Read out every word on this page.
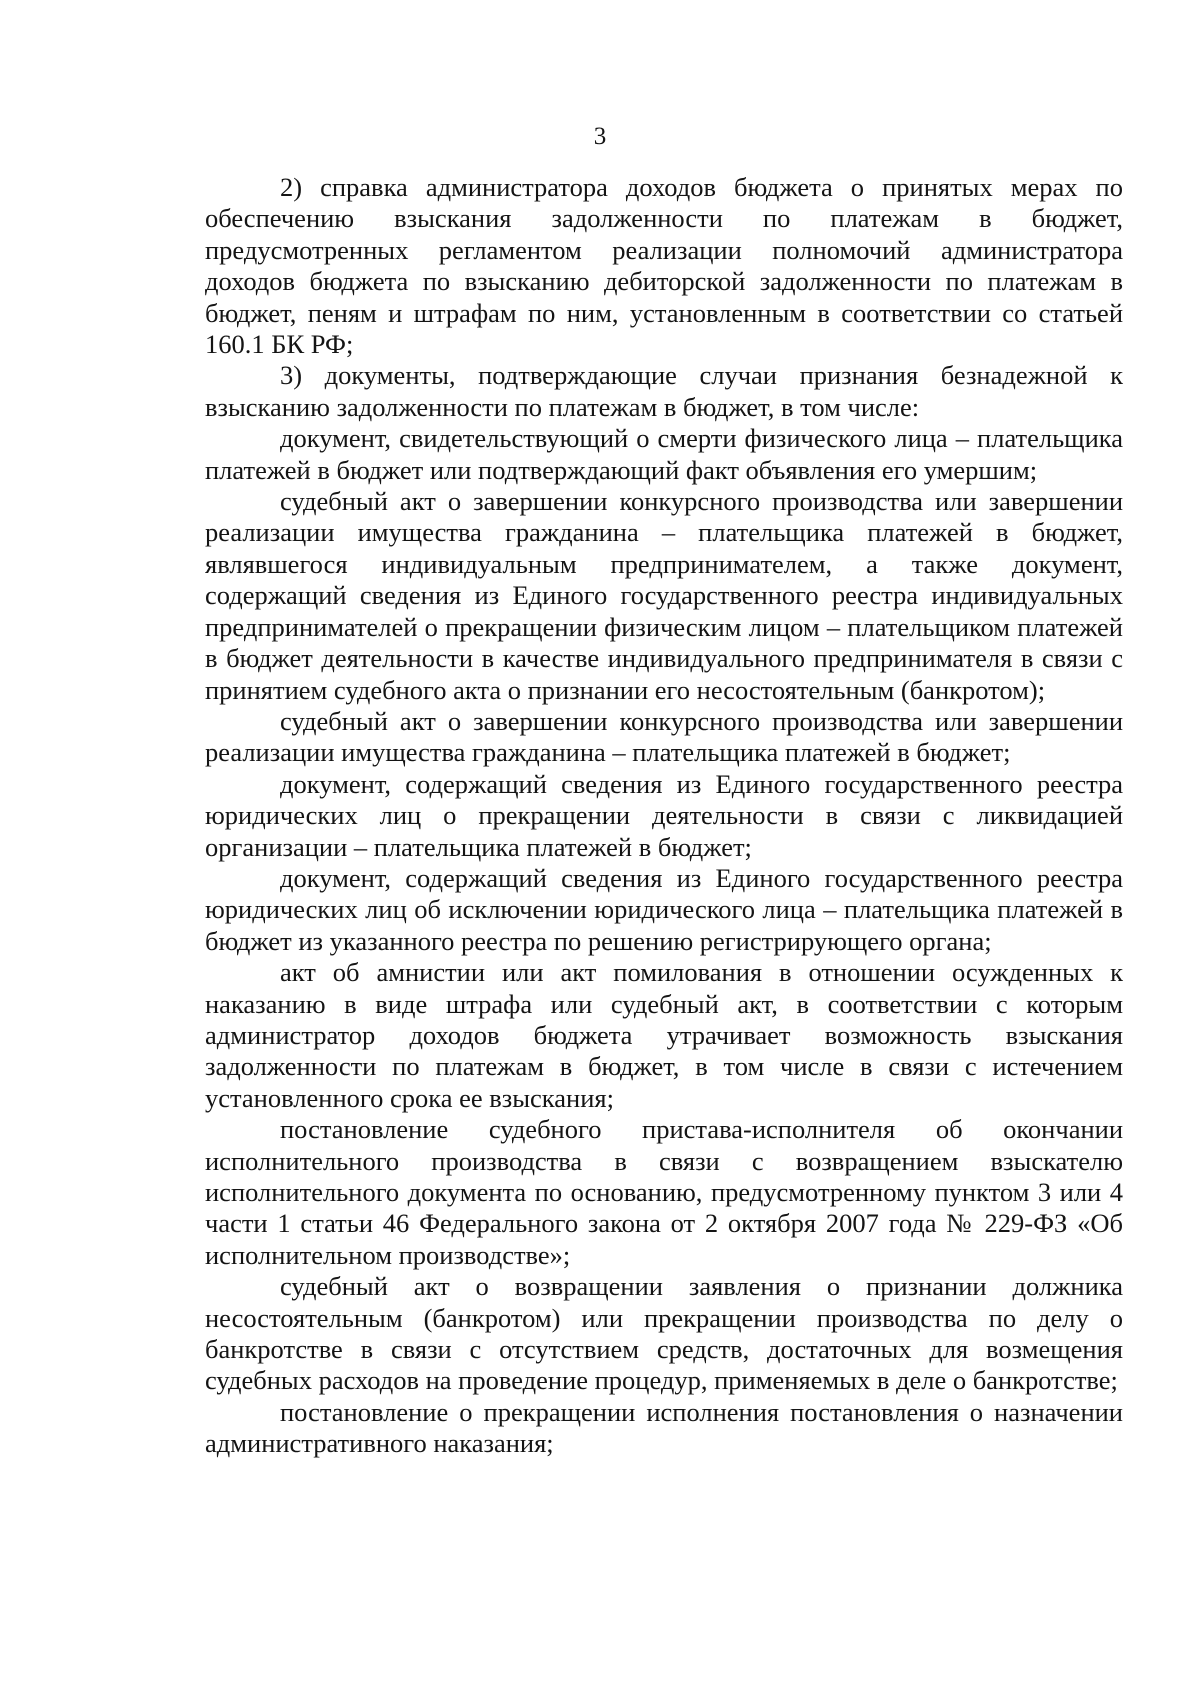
3

2) справка администратора доходов бюджета о принятых мерах по обеспечению взыскания задолженности по платежам в бюджет, предусмотренных регламентом реализации полномочий администратора доходов бюджета по взысканию дебиторской задолженности по платежам в бюджет, пеням и штрафам по ним, установленным в соответствии со статьей 160.1 БК РФ;

3) документы, подтверждающие случаи признания безнадежной к взысканию задолженности по платежам в бюджет, в том числе:

документ, свидетельствующий о смерти физического лица – плательщика платежей в бюджет или подтверждающий факт объявления его умершим;

судебный акт о завершении конкурсного производства или завершении реализации имущества гражданина – плательщика платежей в бюджет, являвшегося индивидуальным предпринимателем, а также документ, содержащий сведения из Единого государственного реестра индивидуальных предпринимателей о прекращении физическим лицом – плательщиком платежей в бюджет деятельности в качестве индивидуального предпринимателя в связи с принятием судебного акта о признании его несостоятельным (банкротом);

судебный акт о завершении конкурсного производства или завершении реализации имущества гражданина – плательщика платежей в бюджет;

документ, содержащий сведения из Единого государственного реестра юридических лиц о прекращении деятельности в связи с ликвидацией организации – плательщика платежей в бюджет;

документ, содержащий сведения из Единого государственного реестра юридических лиц об исключении юридического лица – плательщика платежей в бюджет из указанного реестра по решению регистрирующего органа;

акт об амнистии или акт помилования в отношении осужденных к наказанию в виде штрафа или судебный акт, в соответствии с которым администратор доходов бюджета утрачивает возможность взыскания задолженности по платежам в бюджет, в том числе в связи с истечением установленного срока ее взыскания;

постановление судебного пристава-исполнителя об окончании исполнительного производства в связи с возвращением взыскателю исполнительного документа по основанию, предусмотренному пунктом 3 или 4 части 1 статьи 46 Федерального закона от 2 октября 2007 года № 229-ФЗ «Об исполнительном производстве»;

судебный акт о возвращении заявления о признании должника несостоятельным (банкротом) или прекращении производства по делу о банкротстве в связи с отсутствием средств, достаточных для возмещения судебных расходов на проведение процедур, применяемых в деле о банкротстве;

постановление о прекращении исполнения постановления о назначении административного наказания;
